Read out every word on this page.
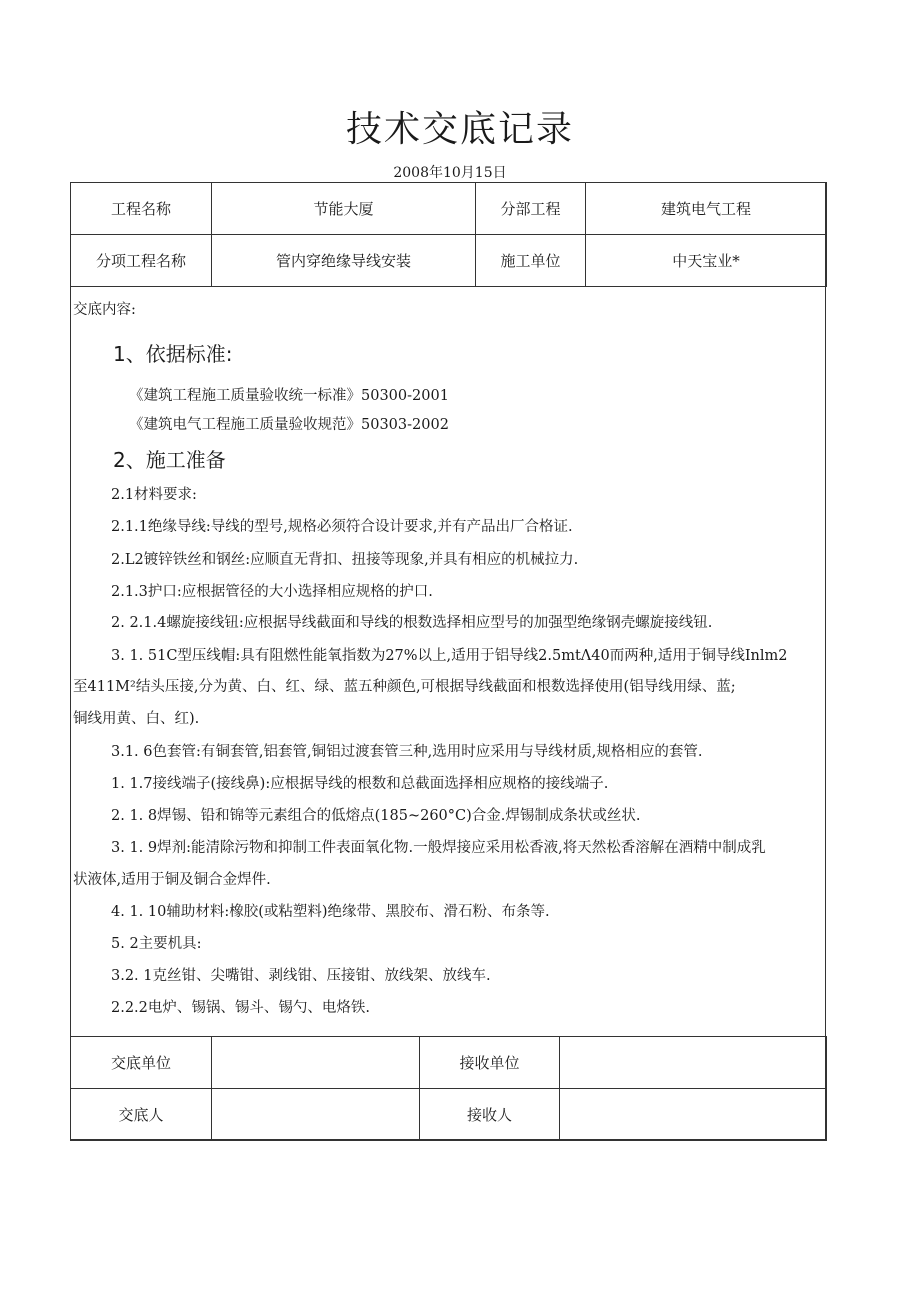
技术交底记录
2008年10月15日
工程名称	节能大厦	分部工程	建筑电气工程
分项工程名称	管内穿绝缘导线安装	施工单位	中天宝业*
交底内容:
1、依据标准:
《建筑工程施工质量验收统一标准》50300-2001
《建筑电气工程施工质量验收规范》50303-2002
2、施工准备
2.1材料要求:
2.1.1绝缘导线:导线的型号,规格必须符合设计要求,并有产品出厂合格证.
2.L2镀锌铁丝和钢丝:应顺直无背扣、扭接等现象,并具有相应的机械拉力.
2.1.3护口:应根据管径的大小选择相应规格的护口.
2. 2.1.4螺旋接线钮:应根据导线截面和导线的根数选择相应型号的加强型绝缘钢壳螺旋接线钮.
3. 1. 51C型压线帽:具有阻燃性能氧指数为27%以上,适用于铝导线2.5mtΛ40而两种,适用于铜导线Inlm2
至411M²结头压接,分为黄、白、红、绿、蓝五种颜色,可根据导线截面和根数选择使用(铝导线用绿、蓝;
铜线用黄、白、红).
3.1. 6色套管:有铜套管,铝套管,铜铝过渡套管三种,选用时应采用与导线材质,规格相应的套管.
1. 1.7接线端子(接线鼻):应根据导线的根数和总截面选择相应规格的接线端子.
2. 1. 8焊锡、铅和锦等元素组合的低熔点(185~260°C)合金.焊锡制成条状或丝状.
3. 1. 9焊剂:能清除污物和抑制工件表面氧化物.一般焊接应采用松香液,将天然松香溶解在酒精中制成乳
状液体,适用于铜及铜合金焊件.
4. 1. 10辅助材料:橡胶(或粘塑料)绝缘带、黑胶布、滑石粉、布条等.
5. 2主要机具:
3.2. 1克丝钳、尖嘴钳、剥线钳、压接钳、放线架、放线车.
2.2.2电炉、锡锅、锡斗、锡勺、电烙铁.
交底单位		接收单位	
交底人		接收人	
